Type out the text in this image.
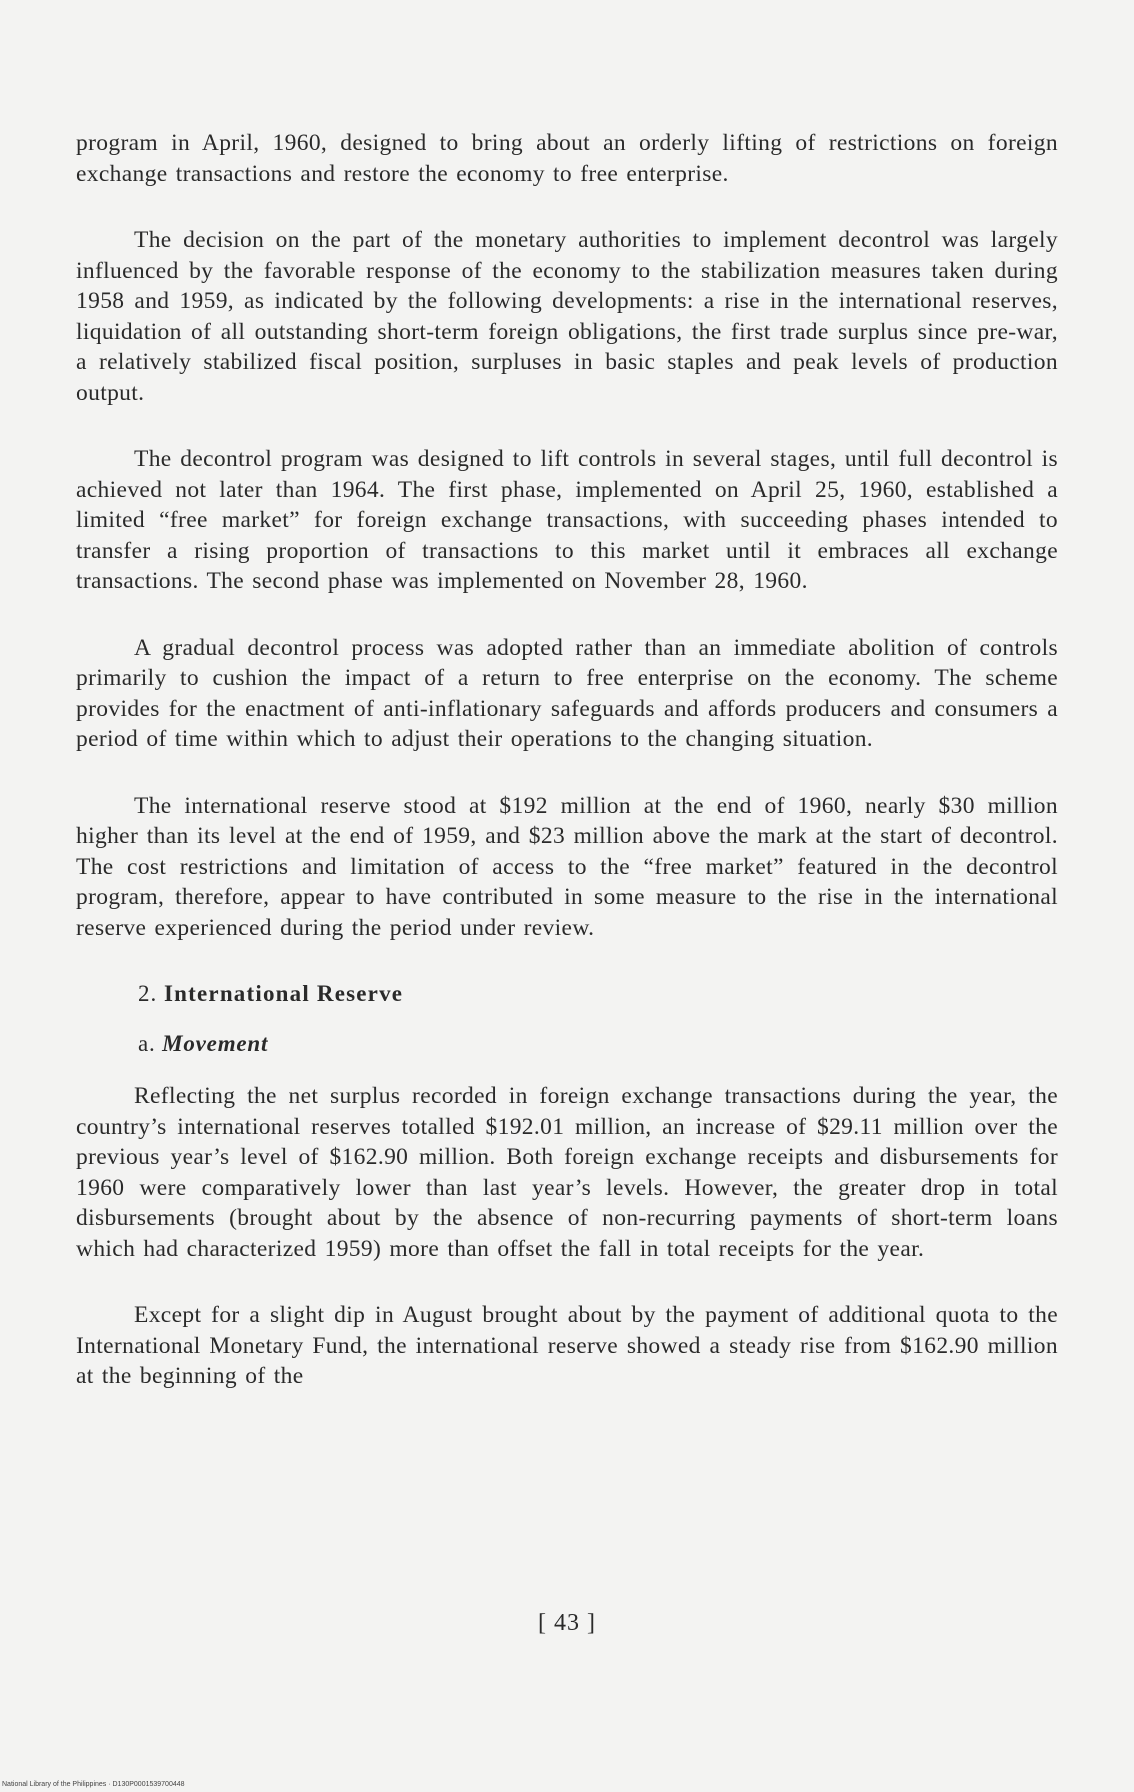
program in April, 1960, designed to bring about an orderly lifting of restrictions on foreign exchange transactions and restore the economy to free enterprise.

The decision on the part of the monetary authorities to implement decontrol was largely influenced by the favorable response of the economy to the stabilization measures taken during 1958 and 1959, as indicated by the following developments: a rise in the international reserves, liquidation of all outstanding short-term foreign obligations, the first trade surplus since pre-war, a relatively stabilized fiscal position, surpluses in basic staples and peak levels of production output.

The decontrol program was designed to lift controls in several stages, until full decontrol is achieved not later than 1964. The first phase, implemented on April 25, 1960, established a limited “free market” for foreign exchange transactions, with succeeding phases intended to transfer a rising proportion of transactions to this market until it embraces all exchange transactions. The second phase was implemented on November 28, 1960.

A gradual decontrol process was adopted rather than an immediate abolition of controls primarily to cushion the impact of a return to free enterprise on the economy. The scheme provides for the enactment of anti-inflationary safeguards and affords producers and consumers a period of time within which to adjust their operations to the changing situation.

The international reserve stood at $192 million at the end of 1960, nearly $30 million higher than its level at the end of 1959, and $23 million above the mark at the start of decontrol. The cost restrictions and limitation of access to the “free market” featured in the decontrol program, therefore, appear to have contributed in some measure to the rise in the international reserve experienced during the period under review.

2. International Reserve
a. Movement

Reflecting the net surplus recorded in foreign exchange transactions during the year, the country’s international reserves totalled $192.01 million, an increase of $29.11 million over the previous year’s level of $162.90 million. Both foreign exchange receipts and disbursements for 1960 were comparatively lower than last year’s levels. However, the greater drop in total disbursements (brought about by the absence of non-recurring payments of short-term loans which had characterized 1959) more than offset the fall in total receipts for the year.

Except for a slight dip in August brought about by the payment of additional quota to the International Monetary Fund, the international reserve showed a steady rise from $162.90 million at the beginning of the

[ 43 ]
National Library of the Philippines · D130P0001539700448
